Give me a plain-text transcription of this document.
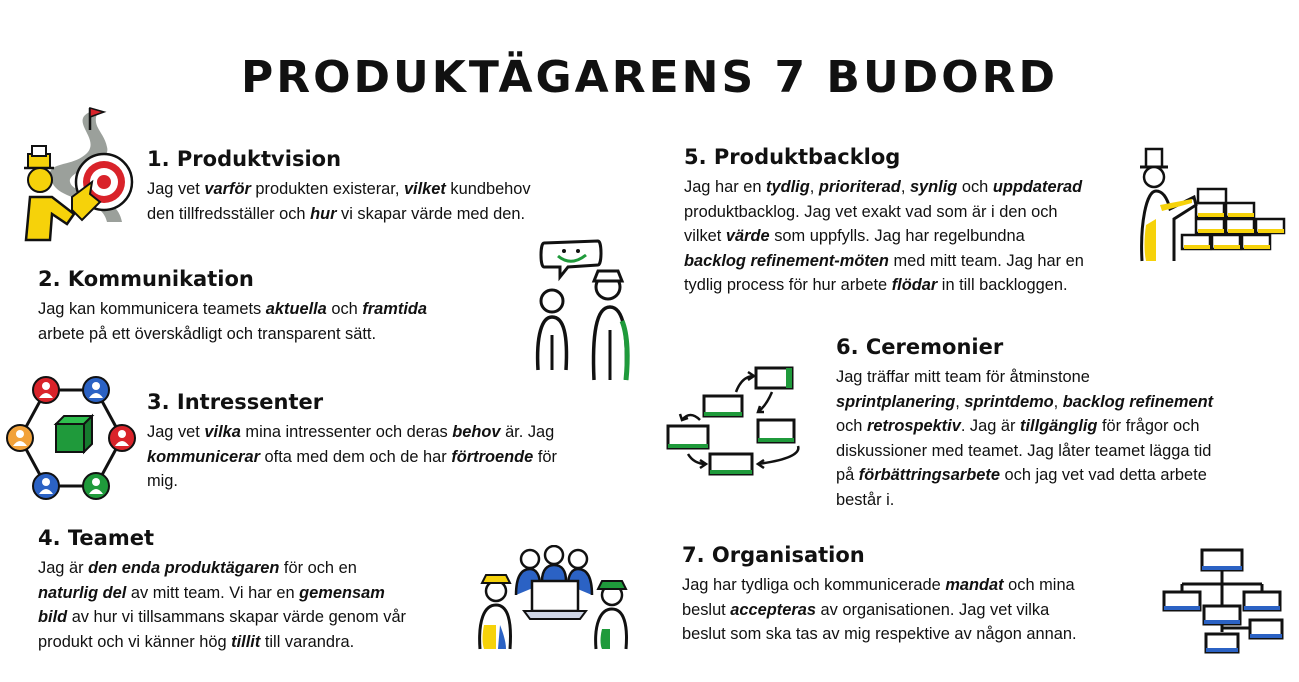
PRODUKTÄGARENS 7 BUDORD
1. Produktvision

Jag vet varför produkten existerar, vilket kundbehov
den tillfredsställer och hur vi skapar värde med den.

2. Kommunikation

Jag kan kommunicera teamets aktuella och framtida
arbete på ett överskådligt och transparent sätt.

3. Intressenter

Jag vet vilka mina intressenter och deras behov är. Jag
kommunicerar ofta med dem och de har förtroende för
mig.

4. Teamet

Jag är den enda produktägaren för och en
naturlig del av mitt team. Vi har en gemensam
bild av hur vi tillsammans skapar värde genom vår
produkt och vi känner hög tillit till varandra.

5. Produktbacklog

Jag har en tydlig, prioriterad, synlig och uppdaterad
produktbacklog. Jag vet exakt vad som är i den och
vilket värde som uppfylls. Jag har regelbundna
backlog refinement-möten med mitt team. Jag har en
tydlig process för hur arbete flödar in till backloggen.

6. Ceremonier

Jag träffar mitt team för åtminstone
sprintplanering, sprintdemo, backlog refinement
och retrospektiv. Jag är tillgänglig för frågor och
diskussioner med teamet. Jag låter teamet lägga tid
på förbättringsarbete och jag vet vad detta arbete
består i.

7. Organisation

Jag har tydliga och kommunicerade mandat och mina
beslut accepteras av organisationen. Jag vet vilka
beslut som ska tas av mig respektive av någon annan.
